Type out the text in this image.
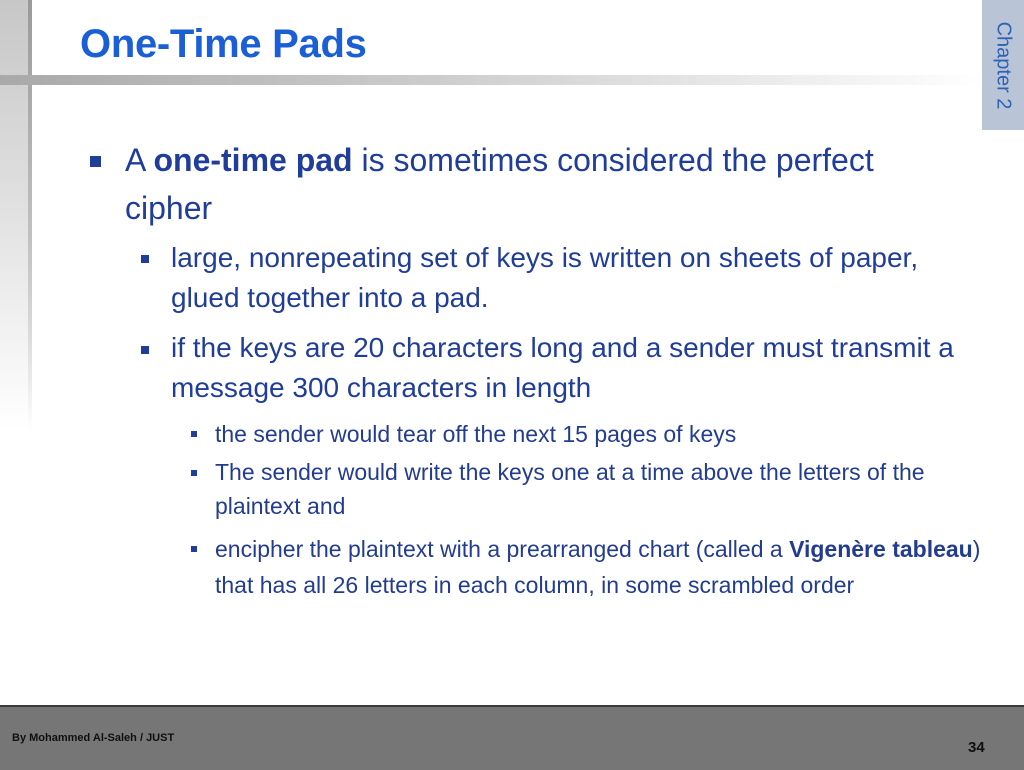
One-Time Pads	Chapter 2
A one-time pad is sometimes considered the perfect cipher
large, nonrepeating set of keys is written on sheets of paper, glued together into a pad.
if the keys are 20 characters long and a sender must transmit a message 300 characters in length
the sender would tear off the next 15 pages of keys
The sender would write the keys one at a time above the letters of the plaintext and
encipher the plaintext with a prearranged chart (called a Vigenère tableau) that has all 26 letters in each column, in some scrambled order
By Mohammed Al-Saleh / JUST
34
